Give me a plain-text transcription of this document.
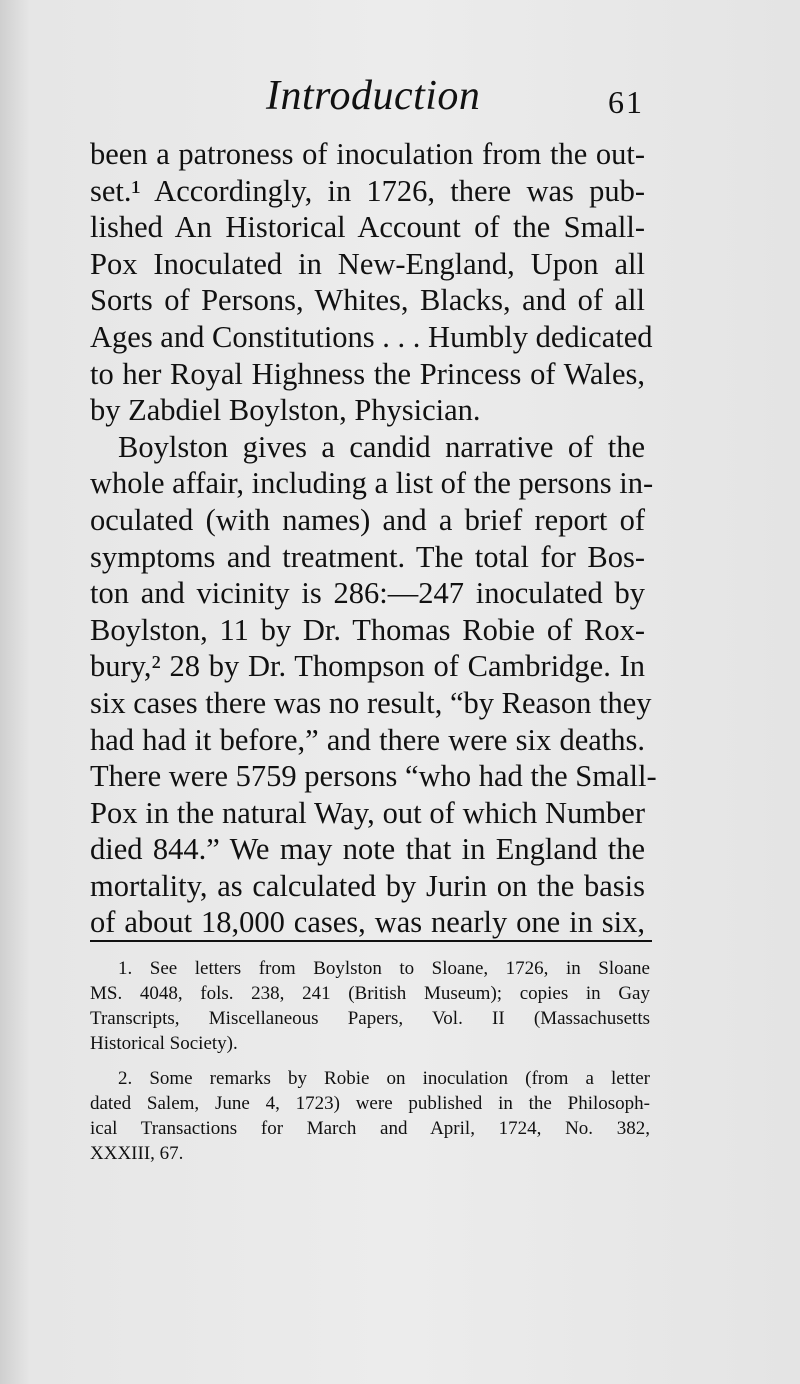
Introduction	61
been a patroness of inoculation from the out-
set.¹ Accordingly, in 1726, there was pub-
lished An Historical Account of the Small-
Pox Inoculated in New-England, Upon all
Sorts of Persons, Whites, Blacks, and of all
Ages and Constitutions . . . Humbly dedicated
to her Royal Highness the Princess of Wales,
by Zabdiel Boylston, Physician.
Boylston gives a candid narrative of the
whole affair, including a list of the persons in-
oculated (with names) and a brief report of
symptoms and treatment. The total for Bos-
ton and vicinity is 286:—247 inoculated by
Boylston, 11 by Dr. Thomas Robie of Rox-
bury,² 28 by Dr. Thompson of Cambridge. In
six cases there was no result, “by Reason they
had had it before,” and there were six deaths.
There were 5759 persons “who had the Small-
Pox in the natural Way, out of which Number
died 844.” We may note that in England the
mortality, as calculated by Jurin on the basis
of about 18,000 cases, was nearly one in six,
1. See letters from Boylston to Sloane, 1726, in Sloane
MS. 4048, fols. 238, 241 (British Museum); copies in Gay
Transcripts, Miscellaneous Papers, Vol. II (Massachusetts
Historical Society).
2. Some remarks by Robie on inoculation (from a letter
dated Salem, June 4, 1723) were published in the Philosoph-
ical Transactions for March and April, 1724, No. 382,
XXXIII, 67.
